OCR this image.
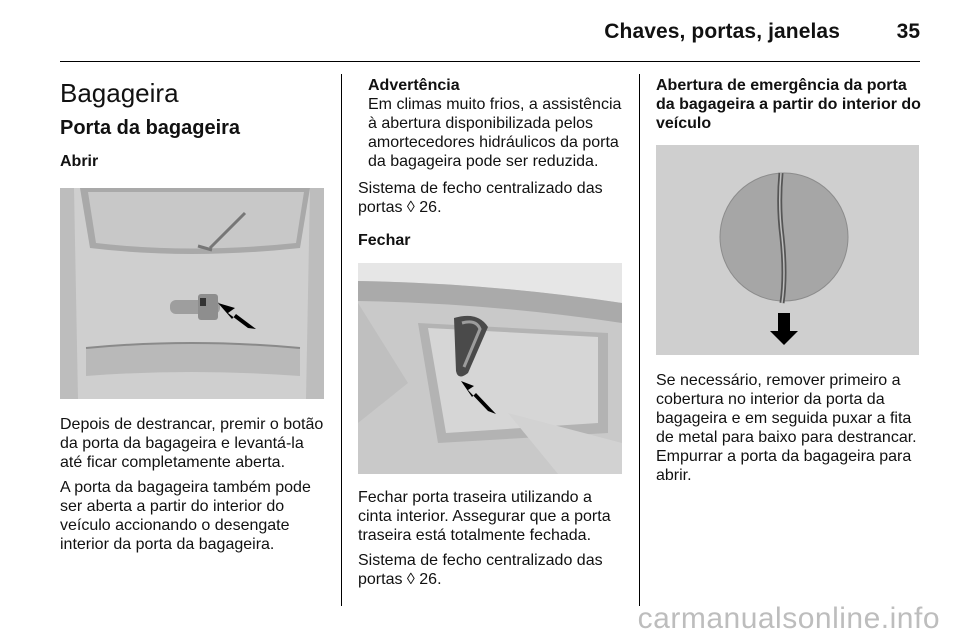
Chaves, portas, janelas	35
Bagageira
Porta da bagageira
Abrir

Depois de destrancar, premir o botão da porta da bagageira e levantá-la até ficar completamente aberta.

A porta da bagageira também pode ser aberta a partir do interior do veículo accionando o desengate interior da porta da bagageira.

Advertência
Em climas muito frios, a assistência à abertura disponibilizada pelos amortecedores hidráulicos da porta da bagageira pode ser reduzida.

Sistema de fecho centralizado das portas ◊ 26.

Fechar

Fechar porta traseira utilizando a cinta interior. Assegurar que a porta traseira está totalmente fechada.

Sistema de fecho centralizado das portas ◊ 26.

Abertura de emergência da porta da bagageira a partir do interior do veículo

Se necessário, remover primeiro a cobertura no interior da porta da bagageira e em seguida puxar a fita de metal para baixo para destrancar. Empurrar a porta da bagageira para abrir.

carmanualsonline.info
